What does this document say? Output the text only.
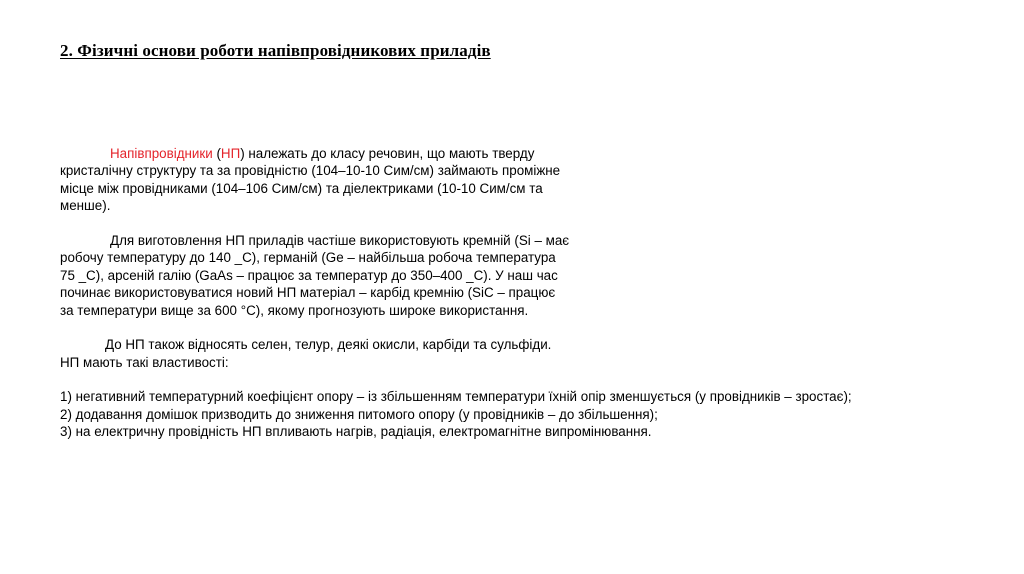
2. Фізичні основи роботи напівпровідникових приладів
Напівпровідники (НП) належать до класу речовин, що мають тверду
кристалічну структуру та за провідністю (104–10-10 Сим/см) займають проміжне
місце між провідниками (104–106 Сим/см) та діелектриками (10-10 Сим/см та
менше).
Для виготовлення НП приладів частіше використовують кремній (Si – має
робочу температуру до 140 _C), германій (Ge – найбільша робоча температура
75 _C), арсеній галію (GaAs – працює за температур до 350–400 _C). У наш час
починає використовуватися новий НП матеріал – карбід кремнію (SiC – працює
за температури вище за 600 °C), якому прогнозують широке використання.
До НП також відносять селен, телур, деякі окисли, карбіди та сульфіди.
НП мають такі властивості:
1) негативний температурний коефіцієнт опору – із збільшенням температури їхній опір зменшується (у провідників – зростає);
2) додавання домішок призводить до зниження питомого опору (у провідників – до збільшення);
3) на електричну провідність НП впливають нагрів, радіація, електромагнітне випромінювання.
